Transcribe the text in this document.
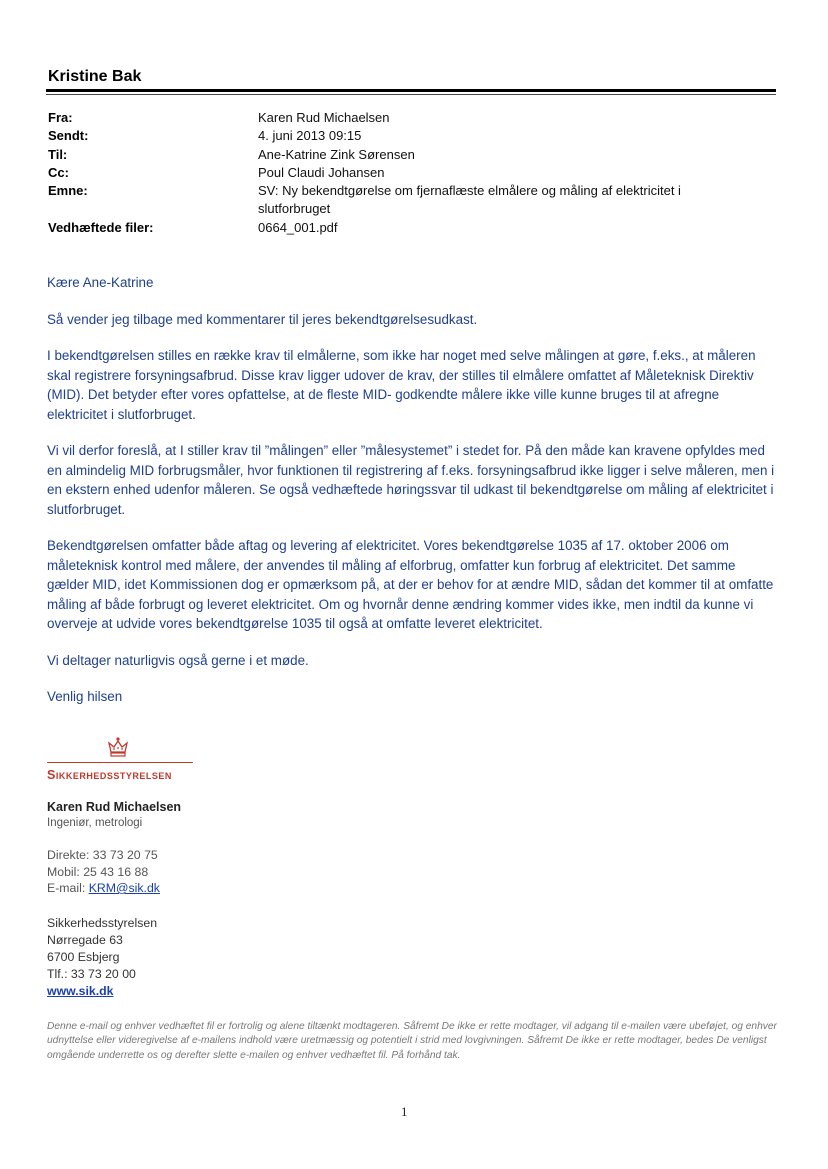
Kristine Bak
Fra:	Karen Rud Michaelsen
Sendt:	4. juni 2013 09:15
Til:	Ane-Katrine Zink Sørensen
Cc:	Poul Claudi Johansen
Emne:	SV: Ny bekendtgørelse om fjernaflæste elmålere og måling af elektricitet i slutforbruget
Vedhæftede filer:	0664_001.pdf

Kære Ane-Katrine

Så vender jeg tilbage med kommentarer til jeres bekendtgørelsesudkast.

I bekendtgørelsen stilles en række krav til elmålerne, som ikke har noget med selve målingen at gøre, f.eks., at måleren skal registrere forsyningsafbrud. Disse krav ligger udover de krav, der stilles til elmålere omfattet af Måleteknisk Direktiv (MID). Det betyder efter vores opfattelse, at de fleste MID- godkendte målere ikke ville kunne bruges til at afregne elektricitet i slutforbruget.

Vi vil derfor foreslå, at I stiller krav til ”målingen” eller ”målesystemet” i stedet for. På den måde kan kravene opfyldes med en almindelig MID forbrugsmåler, hvor funktionen til registrering af f.eks. forsyningsafbrud ikke ligger i selve måleren, men i en ekstern enhed udenfor måleren. Se også vedhæftede høringssvar til udkast til bekendtgørelse om måling af elektricitet i slutforbruget.

Bekendtgørelsen omfatter både aftag og levering af elektricitet. Vores bekendtgørelse 1035 af 17. oktober 2006 om måleteknisk kontrol med målere, der anvendes til måling af elforbrug, omfatter kun forbrug af elektricitet. Det samme gælder MID, idet Kommissionen dog er opmærksom på, at der er behov for at ændre MID, sådan det kommer til at omfatte måling af både forbrugt og leveret elektricitet. Om og hvornår denne ændring kommer vides ikke, men indtil da kunne vi overveje at udvide vores bekendtgørelse 1035 til også at omfatte leveret elektricitet.

Vi deltager naturligvis også gerne i et møde.

Venlig hilsen

Sikkerhedsstyrelsen
Karen Rud Michaelsen
Ingeniør, metrologi
Direkte: 33 73 20 75
Mobil: 25 43 16 88
E-mail: KRM@sik.dk
Sikkerhedsstyrelsen
Nørregade 63
6700 Esbjerg
Tlf.: 33 73 20 00
www.sik.dk
Denne e-mail og enhver vedhæftet fil er fortrolig og alene tiltænkt modtageren. Såfremt De ikke er rette modtager, vil adgang til e-mailen være ubeføjet, og enhver udnyttelse eller videregivelse af e-mailens indhold være uretmæssig og potentielt i strid med lovgivningen. Såfremt De ikke er rette modtager, bedes De venligst omgående underrette os og derefter slette e-mailen og enhver vedhæftet fil. På forhånd tak.
1
